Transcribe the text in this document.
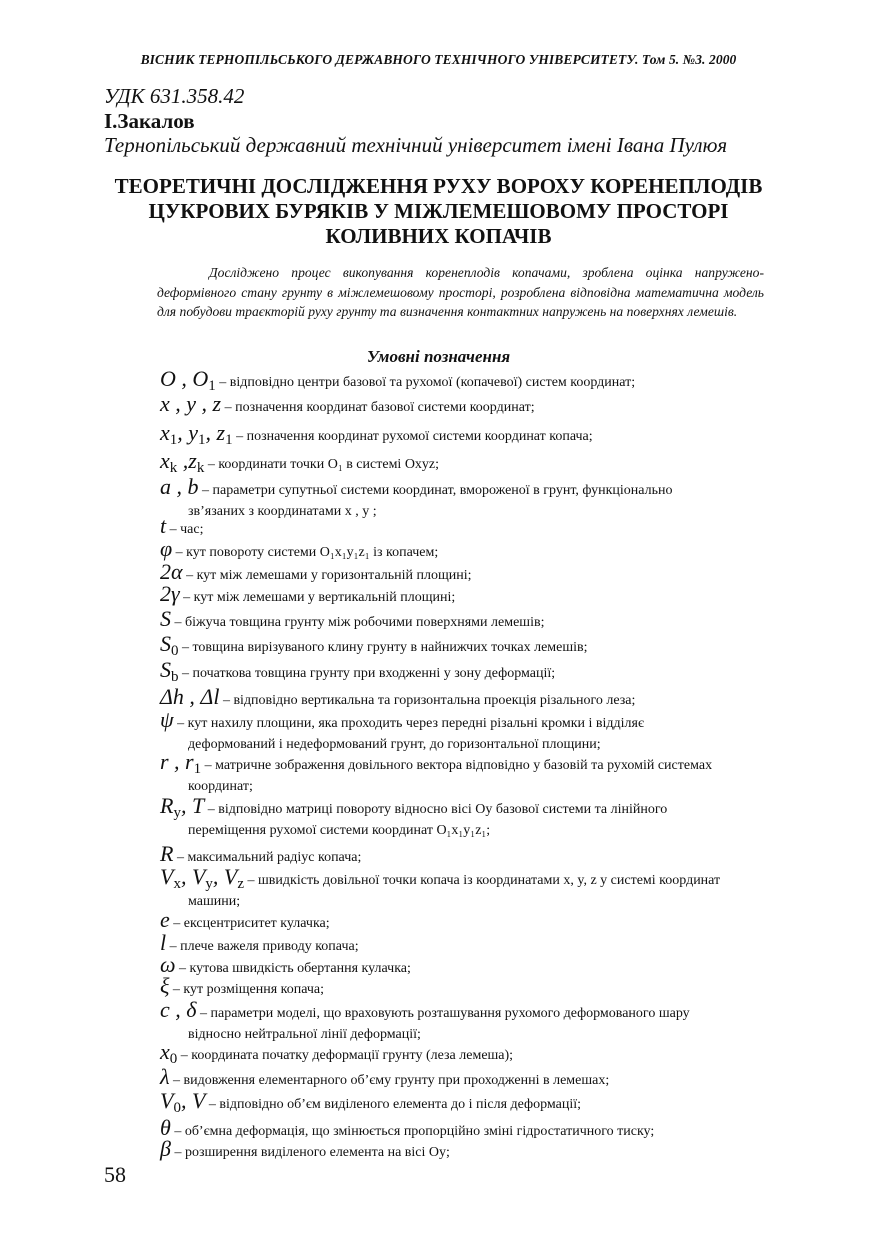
ВІСНИК ТЕРНОПІЛЬСЬКОГО ДЕРЖАВНОГО ТЕХНІЧНОГО УНІВЕРСИТЕТУ. Том 5. №3. 2000
УДК 631.358.42
І.Закалов
Тернопільський державний технічний університет імені Івана Пулюя
ТЕОРЕТИЧНІ ДОСЛІДЖЕННЯ РУХУ ВОРОХУ КОРЕНЕПЛОДІВ
ЦУКРОВИХ БУРЯКІВ У МІЖЛЕМЕШОВОМУ ПРОСТОРІ
КОЛИВНИХ КОПАЧІВ
Досліджено процес викопування коренеплодів копачами, зроблена оцінка напружено-деформівного стану грунту в міжлемешовому просторі, розроблена відповідна математична модель для побудови траєкторій руху грунту та визначення контактних напружень на поверхнях лемешів.
Умовні позначення
O , $O_1$ – відповідно центри базової та рухомої (копачевої) систем координат;
x , y , z – позначення координат базової системи координат;
$x_1$, $y_1$, $z_1$ – позначення координат рухомої системи координат копача;
$x_k$ $,z_k$ – координати точки O₁ в системі Oxyz;
a , b – параметри супутньої системи координат, вмороженої в грунт, функціонально
зв’язаних з координатами x , y ;
t – час;
φ – кут повороту системи O₁x₁y₁z₁ із копачем;
2α – кут між лемешами у горизонтальній площині;
2γ – кут між лемешами у вертикальній площині;
S – біжуча товщина грунту між робочими поверхнями лемешів;
$S_0$ – товщина вирізуваного клину грунту в найнижчих точках лемешів;
$S_b$ – початкова товщина грунту при входженні у зону деформації;
Δh , Δl – відповідно вертикальна та горизонтальна проекція різального леза;
ψ – кут нахилу площини, яка проходить через передні різальні кромки і відділяє
деформований і недеформований грунт, до горизонтальної площини;
r , $r_1$ – матричне зображення довільного вектора відповідно у базовій та рухомій системах
координат;
$R_y$, T – відповідно матриці повороту відносно вісі Oy базової системи та лінійного
переміщення рухомої системи координат O₁x₁y₁z₁;
R – максимальний радіус копача;
$V_x$, $V_y$, $V_z$ – швидкість довільної точки копача із координатами x, y, z у системі координат
машини;
e – ексцентриситет кулачка;
l – плече важеля приводу копача;
ω – кутова швидкість обертання кулачка;
ξ – кут розміщення копача;
c , δ – параметри моделі, що враховують розташування рухомого деформованого шару
відносно нейтральної лінії деформації;
$x_0$ – координата початку деформації грунту (леза лемеша);
λ – видовження елементарного об’єму грунту при проходженні в лемешах;
$V_0$, V – відповідно об’єм виділеного елемента до і після деформації;
θ – об’ємна деформація, що змінюється пропорційно зміні гідростатичного тиску;
β – розширення виділеного елемента на вісі Oy;
58
